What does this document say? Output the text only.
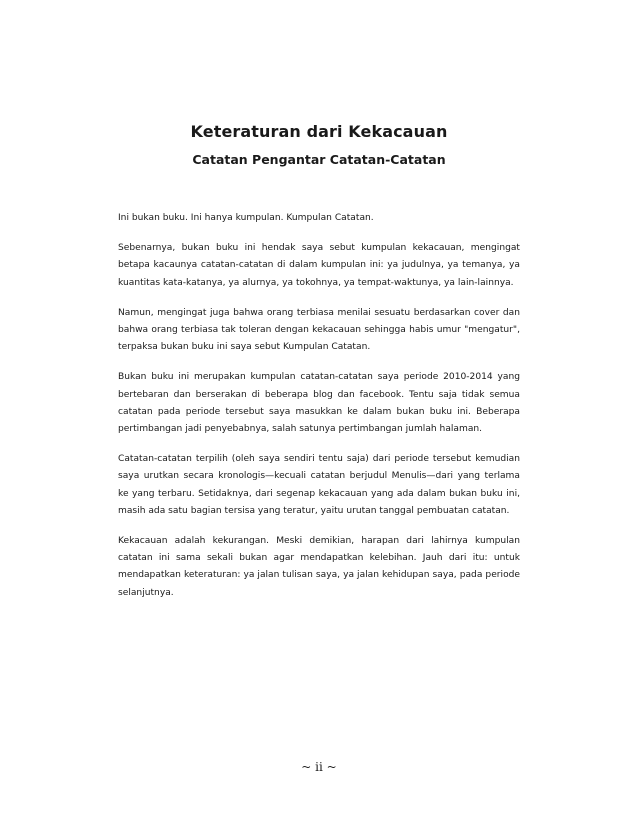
Keteraturan dari Kekacauan
Catatan Pengantar Catatan-Catatan

Ini bukan buku. Ini hanya kumpulan. Kumpulan Catatan.

Sebenarnya, bukan buku ini hendak saya sebut kumpulan kekacauan, mengingat betapa kacaunya catatan-catatan di dalam kumpulan ini: ya judulnya, ya temanya, ya kuantitas kata-katanya, ya alurnya, ya tokohnya, ya tempat-waktunya, ya lain-lainnya.

Namun, mengingat juga bahwa orang terbiasa menilai sesuatu berdasarkan cover dan bahwa orang terbiasa tak toleran dengan kekacauan sehingga habis umur "mengatur", terpaksa bukan buku ini saya sebut Kumpulan Catatan.

Bukan buku ini merupakan kumpulan catatan-catatan saya periode 2010-2014 yang bertebaran dan berserakan di beberapa blog dan facebook. Tentu saja tidak semua catatan pada periode tersebut saya masukkan ke dalam bukan buku ini. Beberapa pertimbangan jadi penyebabnya, salah satunya pertimbangan jumlah halaman.

Catatan-catatan terpilih (oleh saya sendiri tentu saja) dari periode tersebut kemudian saya urutkan secara kronologis—kecuali catatan berjudul Menulis—dari yang terlama ke yang terbaru. Setidaknya, dari segenap kekacauan yang ada dalam bukan buku ini, masih ada satu bagian tersisa yang teratur, yaitu urutan tanggal pembuatan catatan.

Kekacauan adalah kekurangan. Meski demikian, harapan dari lahirnya kumpulan catatan ini sama sekali bukan agar mendapatkan kelebihan. Jauh dari itu: untuk mendapatkan keteraturan: ya jalan tulisan saya, ya jalan kehidupan saya, pada periode selanjutnya.

~ ii ~
